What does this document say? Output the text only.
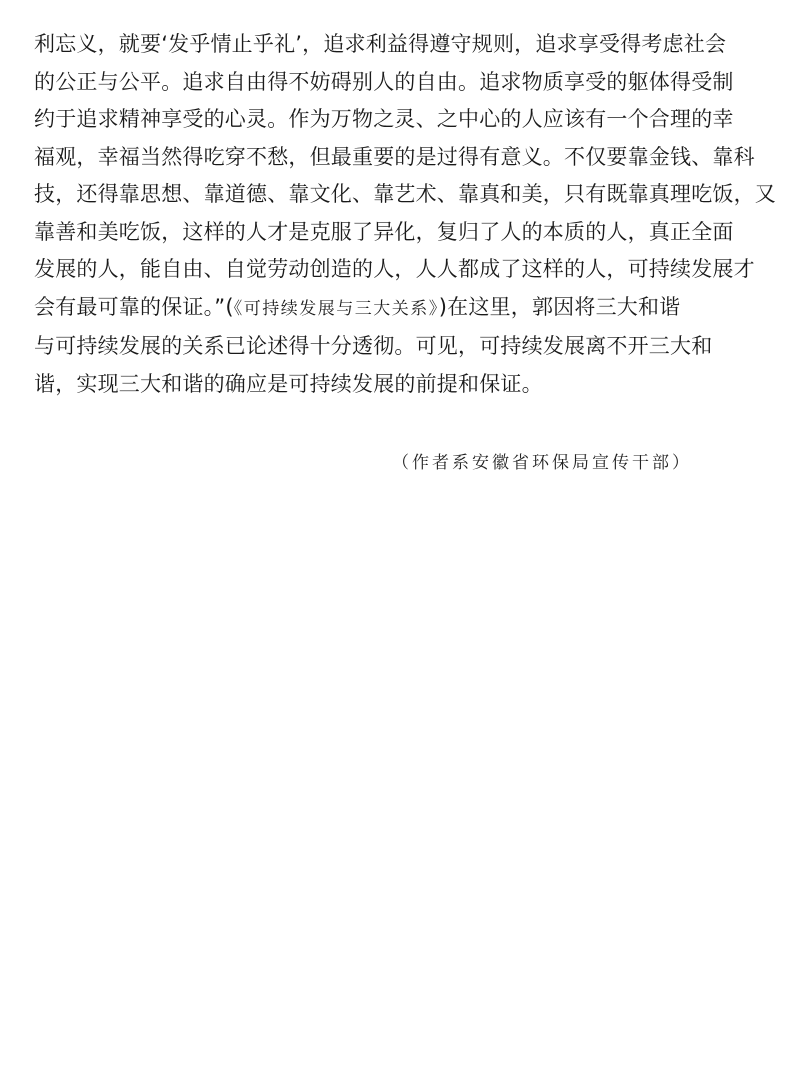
利忘义，就要‘发乎情止乎礼’，追求利益得遵守规则，追求享受得考虑社会
的公正与公平。追求自由得不妨碍别人的自由。追求物质享受的躯体得受制
约于追求精神享受的心灵。作为万物之灵、之中心的人应该有一个合理的幸
福观，幸福当然得吃穿不愁，但最重要的是过得有意义。不仅要靠金钱、靠科
技，还得靠思想、靠道德、靠文化、靠艺术、靠真和美，只有既靠真理吃饭，又
靠善和美吃饭，这样的人才是克服了异化，复归了人的本质的人，真正全面
发展的人，能自由、自觉劳动创造的人，人人都成了这样的人，可持续发展才
会有最可靠的保证。”(《可持续发展与三大关系》)在这里，郭因将三大和谐
与可持续发展的关系已论述得十分透彻。可见，可持续发展离不开三大和
谐，实现三大和谐的确应是可持续发展的前提和保证。

（作者系安徽省环保局宣传干部）
